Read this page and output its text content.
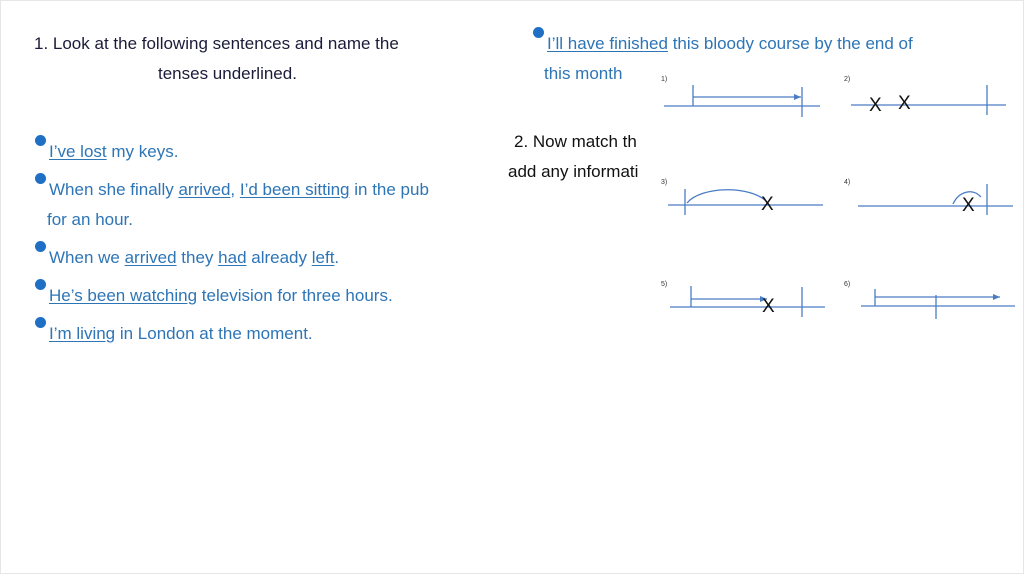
1. Look at the following sentences and name the
tenses underlined.
I’ve lost my keys.
When she finally arrived, I’d been sitting in the pub
for an hour.
When we arrived they had already left.
He’s been watching television for three hours.
I’m living in London at the moment.
I’ll have finished this bloody course by the end of
this month
2. Now match th
add any informati
1)	2)
3)	4)
5)	6)
X X
X	X
X
